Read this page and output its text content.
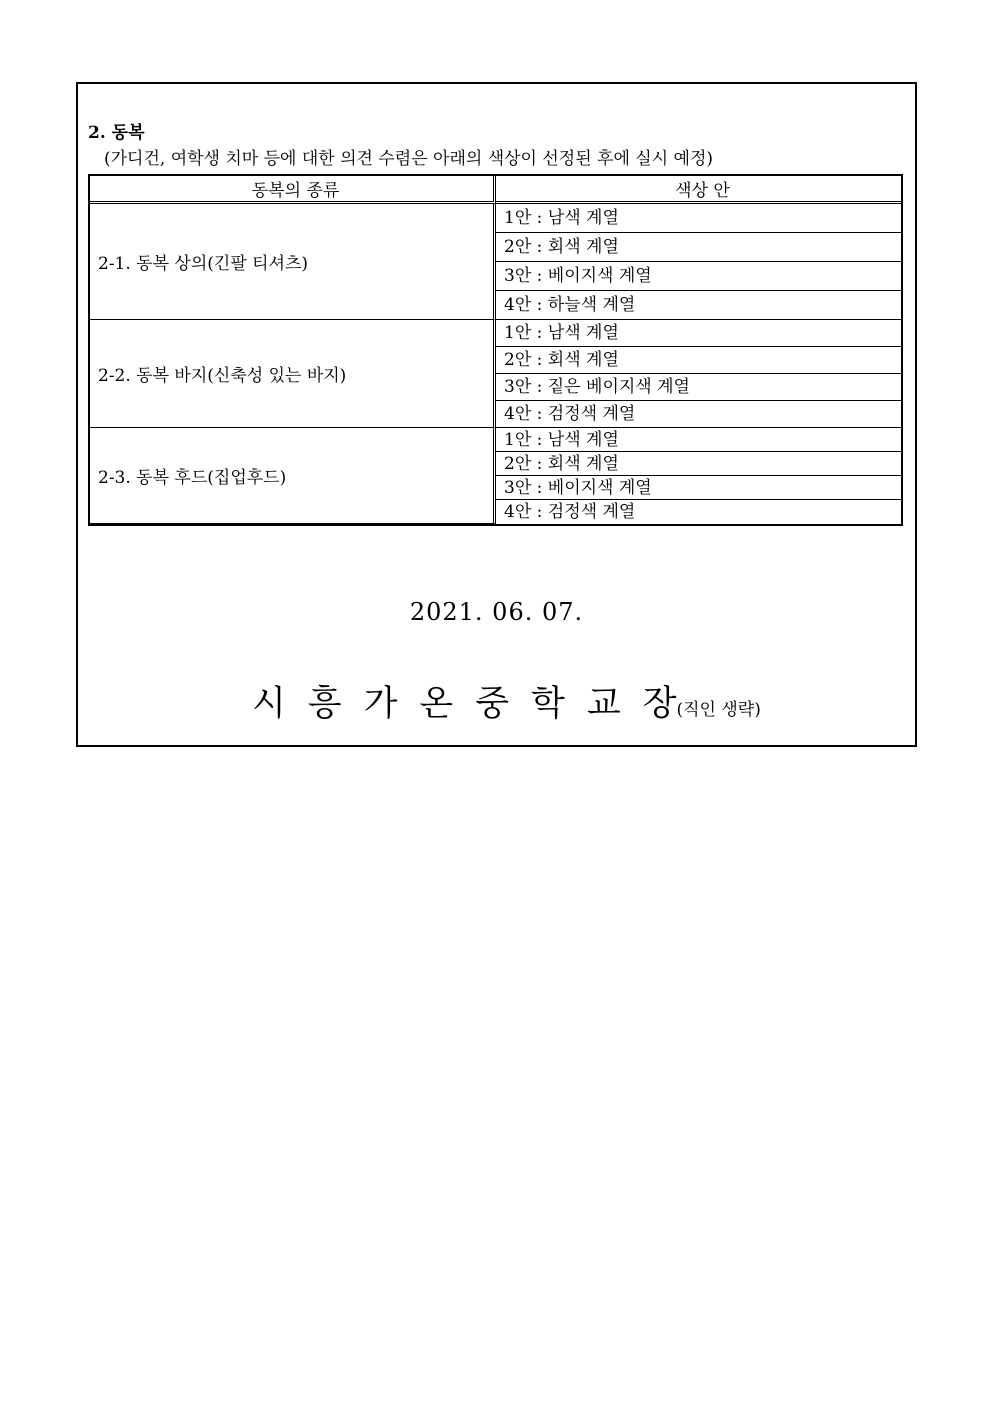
2. 동복
(가디건, 여학생 치마 등에 대한 의견 수렴은 아래의 색상이 선정된 후에 실시 예정)
동복의 종류	색상 안
2-1. 동복 상의(긴팔 티셔츠)	1안 : 남색 계열
	2안 : 회색 계열
	3안 : 베이지색 계열
	4안 : 하늘색 계열
2-2. 동복 바지(신축성 있는 바지)	1안 : 남색 계열
	2안 : 회색 계열
	3안 : 짙은 베이지색 계열
	4안 : 검정색 계열
2-3. 동복 후드(집업후드)	1안 : 남색 계열
	2안 : 회색 계열
	3안 : 베이지색 계열
	4안 : 검정색 계열
2021. 06. 07.
시흥가온중학교장(직인 생략)
